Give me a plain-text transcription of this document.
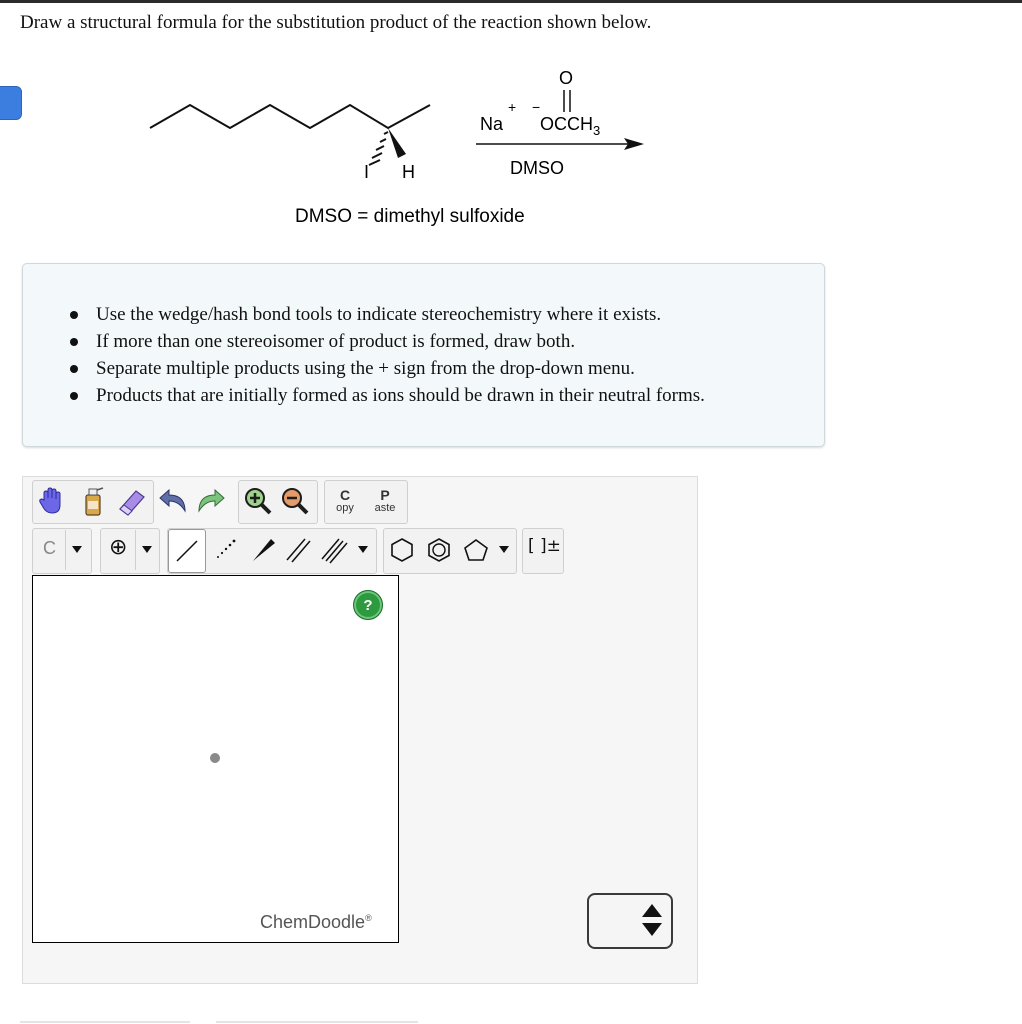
Draw a structural formula for the substitution product of the reaction shown below.
I H
O
+ −
Na $OCCH_3$
DMSO
DMSO = dimethyl sulfoxide
Use the wedge/hash bond tools to indicate stereochemistry where it exists.
If more than one stereoisomer of product is formed, draw both.
Separate multiple products using the + sign from the drop-down menu.
Products that are initially formed as ions should be drawn in their neutral forms.
C
opy
P
aste
C ⊕	[ ]±
?
ChemDoodle®
